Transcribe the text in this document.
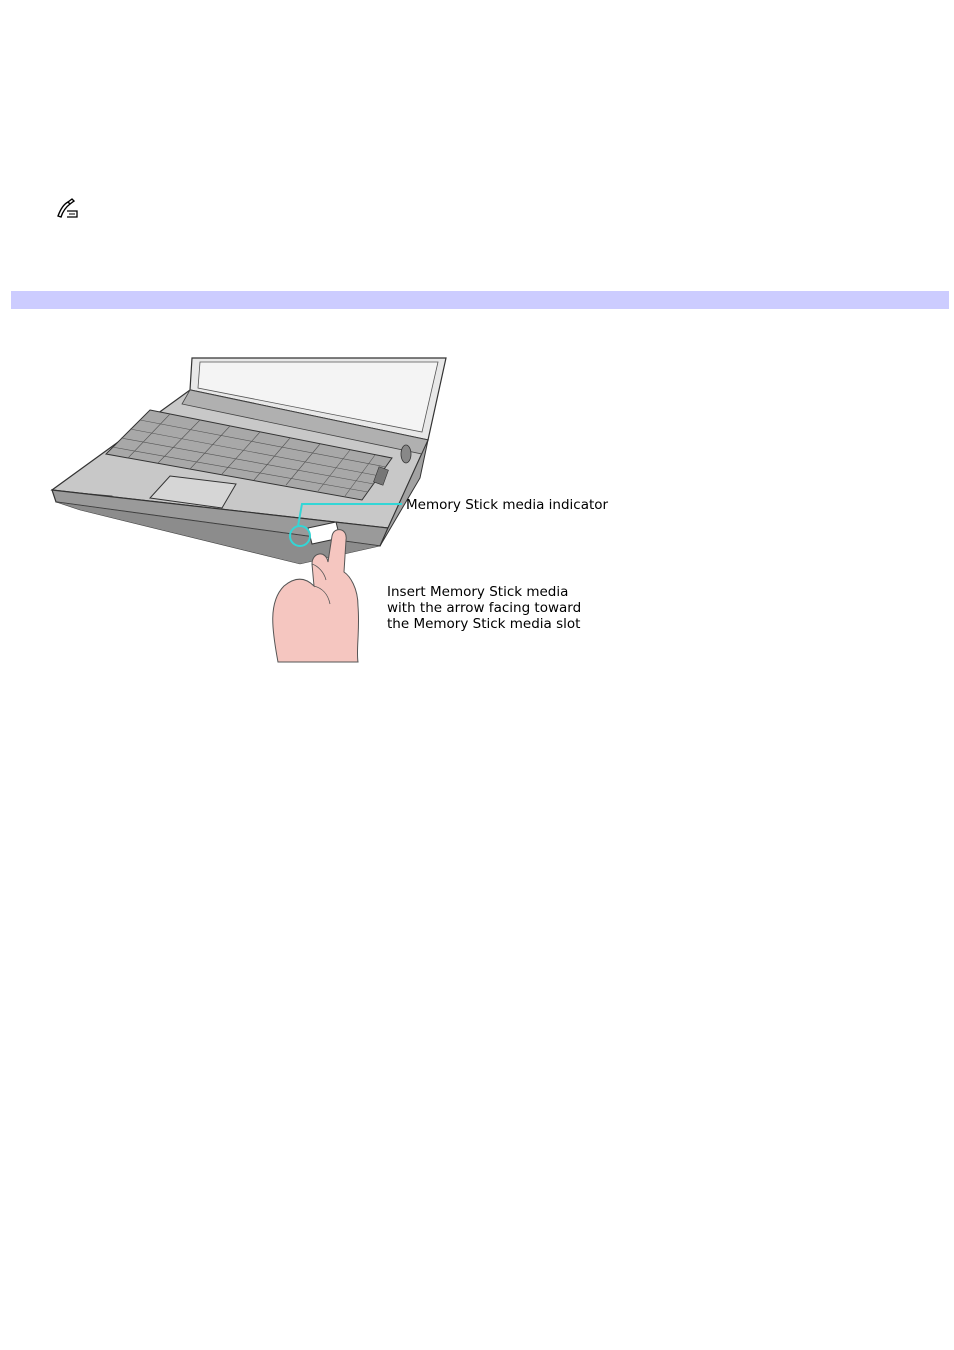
Memory Stick media indicator
Insert Memory Stick media
with the arrow facing toward
the Memory Stick media slot
